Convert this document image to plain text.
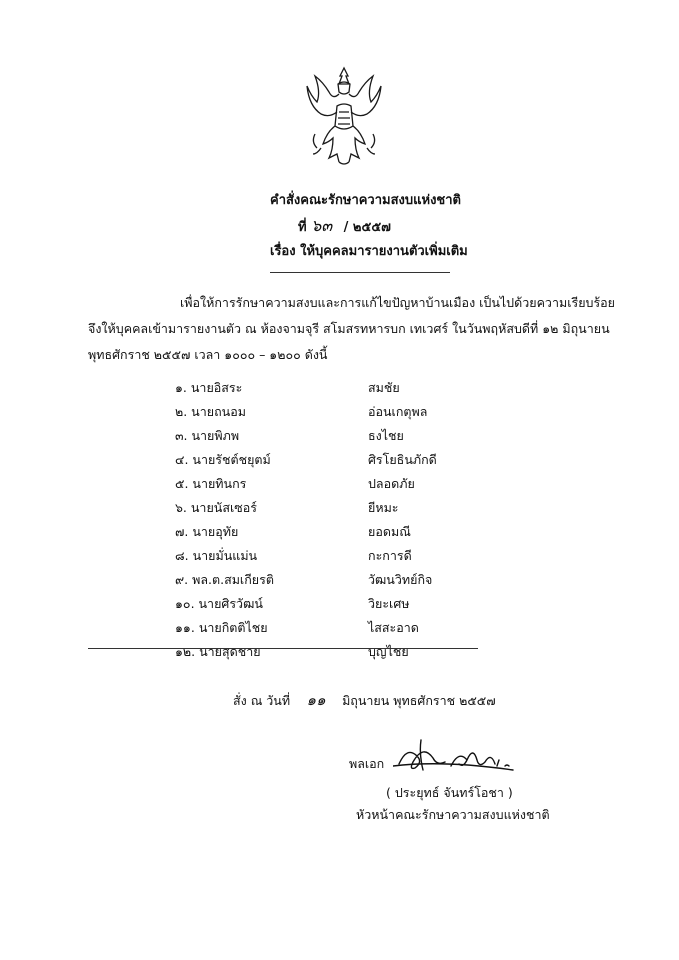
คำสั่งคณะรักษาความสงบแห่งชาติ
ที่ ๖๓ / ๒๕๕๗
เรื่อง ให้บุคคลมารายงานตัวเพิ่มเติม
เพื่อให้การรักษาความสงบและการแก้ไขปัญหาบ้านเมือง เป็นไปด้วยความเรียบร้อย
จึงให้บุคคลเข้ามารายงานตัว ณ ห้องจามจุรี สโมสรทหารบก เทเวศร์ ในวันพฤหัสบดีที่ ๑๒ มิถุนายน
พุทธศักราช ๒๕๕๗ เวลา ๑๐๐๐ – ๑๒๐๐ ดังนี้
๑. นายอิสระ	สมชัย
๒. นายถนอม	อ่อนเกตุพล
๓. นายพิภพ	ธงไชย
๔. นายรัชต์ชยุตม์	ศิรโยธินภักดี
๕. นายทินกร	ปลอดภัย
๖. นายนัสเซอร์	ยีหมะ
๗. นายอุทัย	ยอดมณี
๘. นายมั่นแม่น	กะการดี
๙. พล.ต.สมเกียรติ	วัฒนวิทย์กิจ
๑๐. นายศิรวัฒน์	วิยะเศษ
๑๑. นายกิตติไชย	ไสสะอาด
๑๒. นายสุดชาย	บุญไชย
สั่ง ณ วันที่ ๑๑ มิถุนายน พุทธศักราช ๒๕๕๗
พลเอก
( ประยุทธ์ จันทร์โอชา )
หัวหน้าคณะรักษาความสงบแห่งชาติ
